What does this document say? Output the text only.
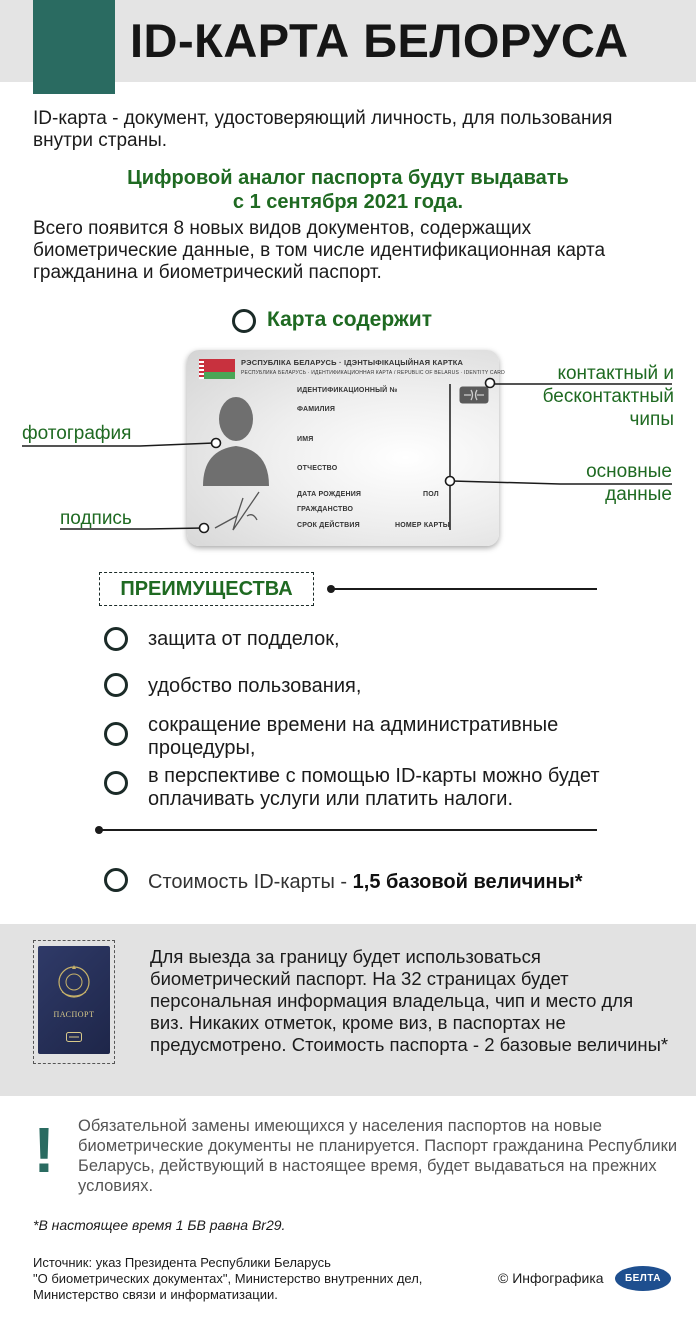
ID-КАРТА БЕЛОРУСА
ID-карта - документ, удостоверяющий личность, для пользования внутри страны.
Цифровой аналог паспорта будут выдавать
с 1 сентября 2021 года.
Всего появится 8 новых видов документов, содержащих биометрические данные, в том числе идентификационная карта гражданина и биометрический паспорт.
Карта содержит
РЭСПУБЛІКА БЕЛАРУСЬ · ІДЭНТЫФІКАЦЫЙНАЯ КАРТКА
РЕСПУБЛИКА БЕЛАРУСЬ · ИДЕНТИФИКАЦИОННАЯ КАРТА / REPUBLIC OF BELARUS · IDENTITY CARD
ИДЕНТИФИКАЦИОННЫЙ №
ФАМИЛИЯ
ИМЯ
ОТЧЕСТВО
ДАТА РОЖДЕНИЯ	ПОЛ
ГРАЖДАНСТВО
СРОК ДЕЙСТВИЯ	НОМЕР КАРТЫ
фотография
подпись
контактный и бесконтактный чипы
основные данные
ПРЕИМУЩЕСТВА
защита от подделок,
удобство пользования,
сокращение времени на административные процедуры,
в перспективе с помощью ID-карты можно будет оплачивать услуги или платить налоги.
Стоимость ID-карты - 1,5 базовой величины*
ПАСПОРТ
Для выезда за границу будет использоваться биометрический паспорт. На 32 страницах будет персональная информация владельца, чип и место для виз. Никаких отметок, кроме виз, в паспортах не предусмотрено. Стоимость паспорта - 2 базовые величины*
! Обязательной замены имеющихся у населения паспортов на новые биометрические документы не планируется. Паспорт гражданина Республики Беларусь, действующий в настоящее время, будет выдаваться на прежних условиях.
*В настоящее время 1 БВ равна Br29.
Источник: указ Президента Республики Беларусь
"О биометрических документах", Министерство внутренних дел,
Министерство связи и информатизации.
© Инфографика	БЕЛТА
